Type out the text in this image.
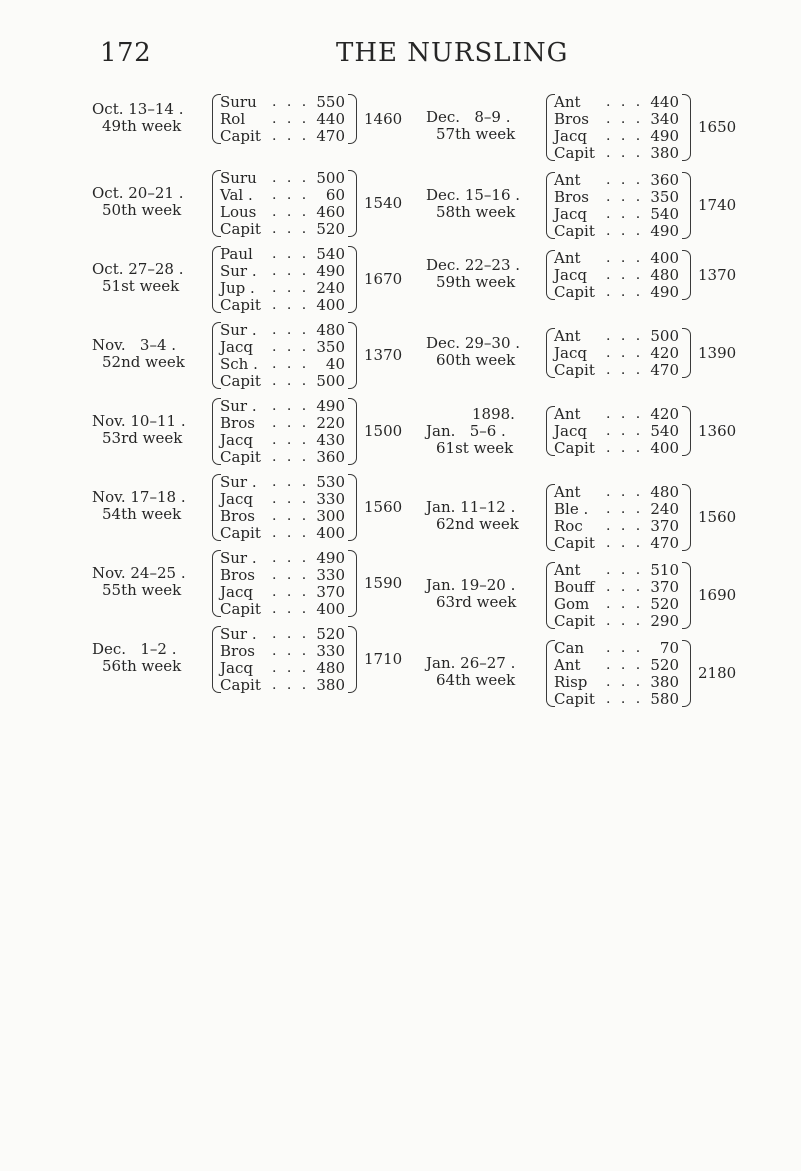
172	THE NURSLING
Oct. 13–14 .
49th week
Suru . . . 550
Rol . . . 440
Capit . . . 470
1460
Oct. 20–21 .
50th week
Suru . . . 500
Val . . . .	60
Lous . . . 460
Capit . . . 520
1540
Oct. 27–28 .
51st week
Paul . . . 540
Sur . . . . 490
Jup . . . . 240
Capit . . . 400
1670
Nov.   3–4 .
52nd week
Sur . . . . 480
Jacq . . . 350
Sch . . . .	40
Capit . . . 500
1370
Nov. 10–11 .
53rd week
Sur . . . . 490
Bros . . . 220
Jacq . . . 430
Capit . . . 360
1500
Nov. 17–18 .
54th week
Sur . . . . 530
Jacq . . . 330
Bros . . . 300
Capit . . . 400
1560
Nov. 24–25 .
55th week
Sur . . . . 490
Bros . . . 330
Jacq . . . 370
Capit . . . 400
1590
Dec.   1–2 .
56th week
Sur . . . . 520
Bros . . . 330
Jacq . . . 480
Capit . . . 380
1710
Dec.   8–9 .
57th week
Ant . . . 440
Bros . . . 340
Jacq . . . 490
Capit . . . 380
1650
Dec. 15–16 .
58th week
Ant . . . 360
Bros . . . 350
Jacq . . . 540
Capit . . . 490
1740
Dec. 22–23 .
59th week
Ant . . . 400
Jacq . . . 480
Capit . . . 490
1370
Dec. 29–30 .
60th week
Ant . . . 500
Jacq . . . 420
Capit . . . 470
1390
1898.
Jan.   5–6 .
61st week
Ant . . . 420
Jacq . . . 540
Capit . . . 400
1360
Jan. 11–12 .
62nd week
Ant . . . 480
Ble . . . . 240
Roc . . . 370
Capit . . . 470
1560
Jan. 19–20 .
63rd week
Ant . . . 510
Bouff . . . 370
Gom . . . 520
Capit . . . 290
1690
Jan. 26–27 .
64th week
Can . . .	70
Ant . . . 520
Risp . . . 380
Capit . . . 580
2180
